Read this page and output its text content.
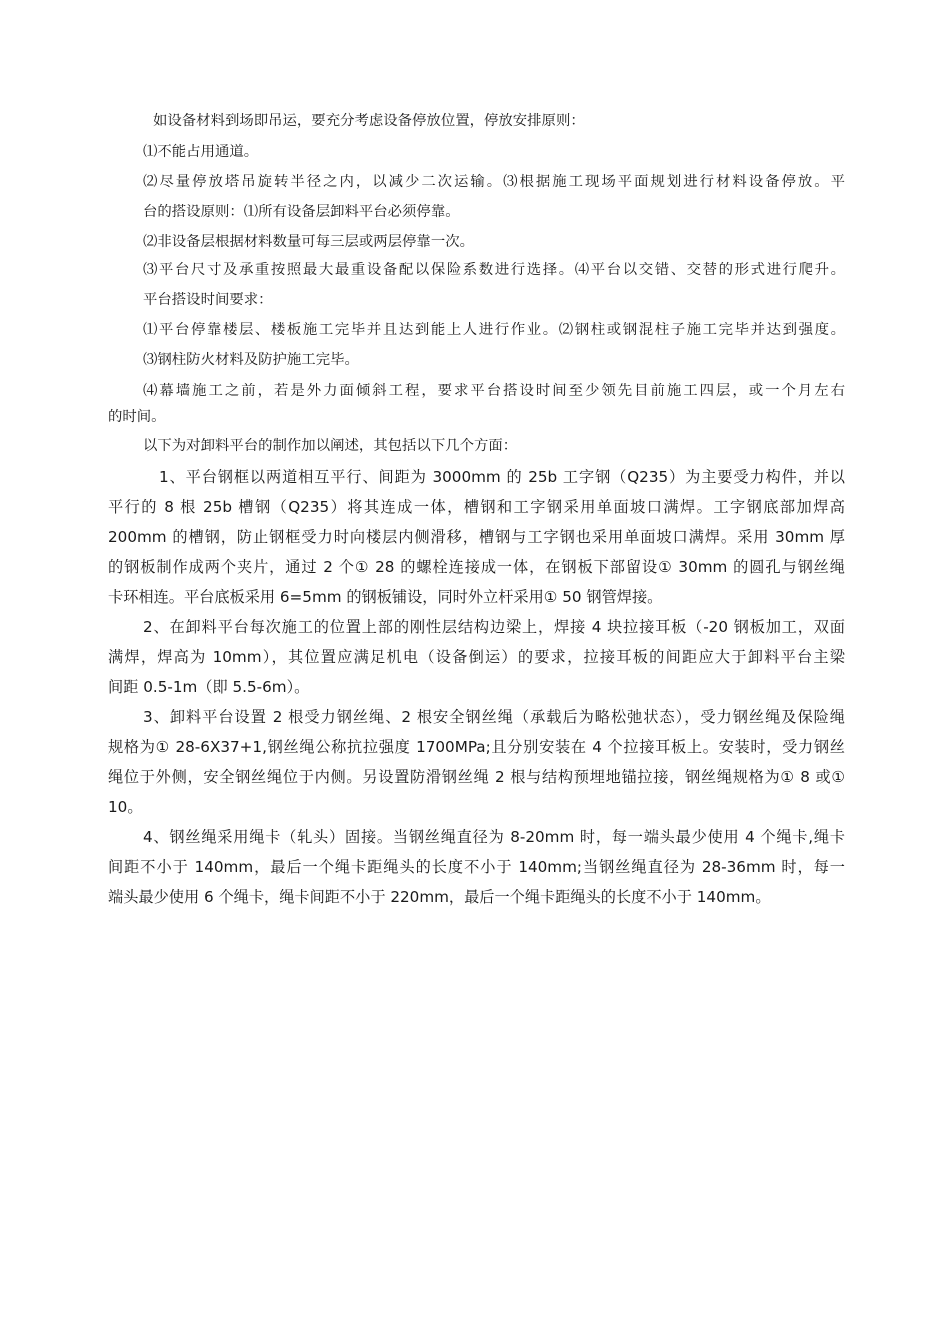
如设备材料到场即吊运，要充分考虑设备停放位置，停放安排原则：
⑴不能占用通道。
⑵尽量停放塔吊旋转半径之内，以减少二次运输。⑶根据施工现场平面规划进行材料设备停放。平
台的搭设原则：⑴所有设备层卸料平台必须停靠。
⑵非设备层根据材料数量可每三层或两层停靠一次。
⑶平台尺寸及承重按照最大最重设备配以保险系数进行选择。⑷平台以交错、交替的形式进行爬升。
平台搭设时间要求：
⑴平台停靠楼层、楼板施工完毕并且达到能上人进行作业。⑵钢柱或钢混柱子施工完毕并达到强度。
⑶钢柱防火材料及防护施工完毕。
⑷幕墙施工之前，若是外力面倾斜工程，要求平台搭设时间至少领先目前施工四层，或一个月左右
的时间。
以下为对卸料平台的制作加以阐述，其包括以下几个方面：
1、平台钢框以两道相互平行、间距为 3000mm 的 25b 工字钢（Q235）为主要受力构件，并以
平行的 8 根 25b 槽钢（Q235）将其连成一体，槽钢和工字钢采用单面坡口满焊。工字钢底部加焊高
200mm 的槽钢，防止钢框受力时向楼层内侧滑移，槽钢与工字钢也采用单面坡口满焊。采用 30mm 厚
的钢板制作成两个夹片，通过 2 个① 28 的螺栓连接成一体，在钢板下部留设① 30mm 的圆孔与钢丝绳
卡环相连。平台底板采用 6=5mm 的钢板铺设，同时外立杆采用① 50 钢管焊接。
2、在卸料平台每次施工的位置上部的刚性层结构边梁上，焊接 4 块拉接耳板（-20 钢板加工，双面
满焊，焊高为 10mm），其位置应满足机电（设备倒运）的要求，拉接耳板的间距应大于卸料平台主梁
间距 0.5-1m（即 5.5-6m）。
3、卸料平台设置 2 根受力钢丝绳、2 根安全钢丝绳（承载后为略松弛状态），受力钢丝绳及保险绳
规格为① 28-6X37+1,钢丝绳公称抗拉强度 1700MPa;且分别安装在 4 个拉接耳板上。安装时，受力钢丝
绳位于外侧，安全钢丝绳位于内侧。另设置防滑钢丝绳 2 根与结构预埋地锚拉接，钢丝绳规格为① 8 或①
10。
4、钢丝绳采用绳卡（轧头）固接。当钢丝绳直径为 8-20mm 时，每一端头最少使用 4 个绳卡,绳卡
间距不小于 140mm，最后一个绳卡距绳头的长度不小于 140mm;当钢丝绳直径为 28-36mm 时，每一
端头最少使用 6 个绳卡，绳卡间距不小于 220mm，最后一个绳卡距绳头的长度不小于 140mm。
